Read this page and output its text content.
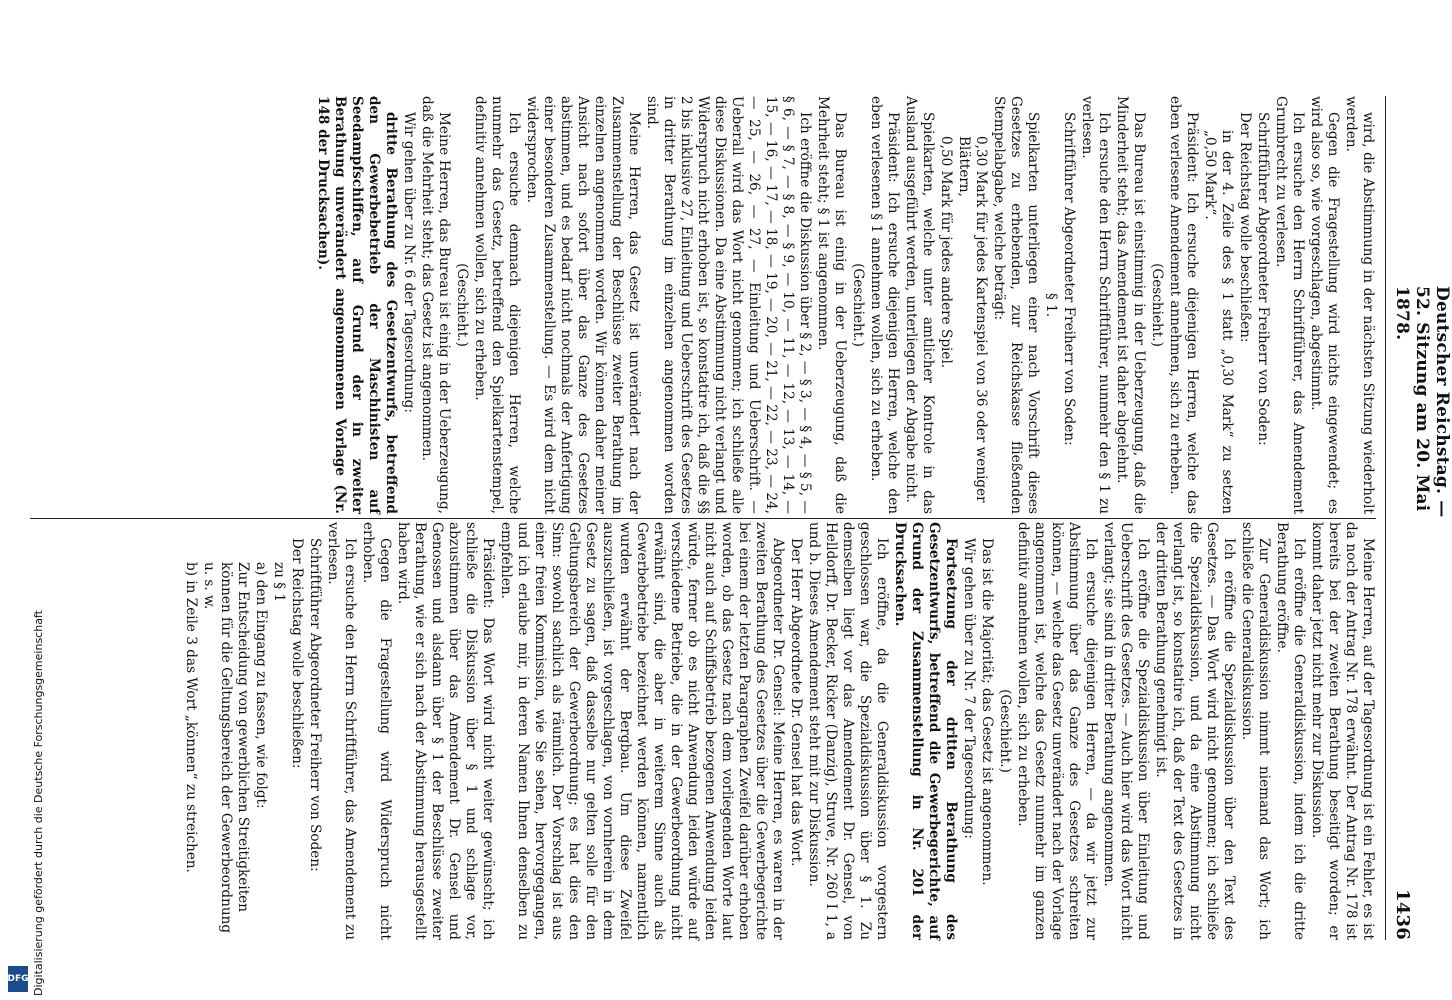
Deutscher Reichstag. — 52. Sitzung am 20. Mai 1878.
1436

wird, die Abstimmung in der nächsten Sitzung wiederholt werden.

Gegen die Fragestellung wird nichts eingewendet; es wird also so, wie vorgeschlagen, abgestimmt.

Ich ersuche den Herrn Schriftführer, das Amendement Grumbrecht zu verlesen.

Schriftführer Abgeordneter Freiherr von Soden:

Der Reichstag wolle beschließen:

in der 4. Zeile des § 1 statt „0,30 Mark“ zu setzen „0,50 Mark“.

Präsident: Ich ersuche diejenigen Herren, welche das eben verlesene Amendement annehmen, sich zu erheben.

(Geschieht.)

Das Bureau ist einstimmig in der Ueberzeugung, daß die Minderheit steht; das Amendement ist daher abgelehnt.

Ich ersuche den Herrn Schriftführer, nunmehr den § 1 zu verlesen.

Schriftführer Abgeordneter Freiherr von Soden:

§ 1.

Spielkarten unterliegen einer nach Vorschrift dieses Gesetzes zu erhebenden, zur Reichskasse fließenden Stempelabgabe, welche beträgt:

0,30 Mark für jedes Kartenspiel von 36 oder weniger Blättern,

0,50 Mark für jedes andere Spiel.

Spielkarten, welche unter amtlicher Kontrole in das Ausland ausgeführt werden, unterliegen der Abgabe nicht.

Präsident: Ich ersuche diejenigen Herren, welche den eben verlesenen § 1 annehmen wollen, sich zu erheben.

(Geschieht.)

Das Bureau ist einig in der Ueberzeugung, daß die Mehrheit steht; § 1 ist angenommen.

Ich eröffne die Diskussion über § 2, — § 3, — § 4, — § 5, — § 6, — § 7, — § 8, — § 9, — 10, — 11, — 12, — 13, — 14, — 15, — 16, — 17, — 18, — 19, — 20, — 21, — 22, — 23, — 24, — 25, — 26, — 27, — Einleitung und Ueberschrift. — Ueberall wird das Wort nicht genommen; ich schließe alle diese Diskussionen. Da eine Abstimmung nicht verlangt und Widerspruch nicht erhoben ist, so konstatire ich, daß die §§ 2 bis inklusive 27, Einleitung und Ueberschrift des Gesetzes in dritter Berathung im einzelnen angenommen worden sind.

Meine Herren, das Gesetz ist unverändert nach der Zusammenstellung der Beschlüsse zweiter Berathung im einzelnen angenommen worden. Wir können daher meiner Ansicht nach sofort über das Ganze des Gesetzes abstimmen, und es bedarf nicht nochmals der Anfertigung einer besonderen Zusammenstellung. — Es wird dem nicht widersprochen.

Ich ersuche demnach diejenigen Herren, welche nunmehr das Gesetz, betreffend den Spielkartenstempel, definitiv annehmen wollen, sich zu erheben.

(Geschieht.)

Meine Herren, das Bureau ist einig in der Ueberzeugung, daß die Mehrheit steht; das Gesetz ist angenommen.

Wir gehen über zu Nr. 6 der Tagesordnung:

dritte Berathung des Gesetzentwurfs, betreffend den Gewerbebetrieb der Maschinisten auf Seedampfschiffen, auf Grund der in zweiter Berathung unverändert angenommenen Vorlage (Nr. 148 der Drucksachen).

Meine Herren, auf der Tagesordnung ist ein Fehler, es ist da noch der Antrag Nr. 178 erwähnt. Der Antrag Nr. 178 ist bereits bei der zweiten Berathung beseitigt worden; er kommt daher jetzt nicht mehr zur Diskussion.

Ich eröffne die Generaldiskussion, indem ich die dritte Berathung eröffne.

Zur Generaldiskussion nimmt niemand das Wort; ich schließe die Generaldiskussion.

Ich eröffne die Spezialdiskussion über den Text des Gesetzes. — Das Wort wird nicht genommen; ich schließe die Spezialdiskussion, und da eine Abstimmung nicht verlangt ist, so konstatire ich, daß der Text des Gesetzes in der dritten Berathung genehmigt ist.

Ich eröffne die Spezialdiskussion über Einleitung und Ueberschrift des Gesetzes. — Auch hier wird das Wort nicht verlangt; sie sind in dritter Berathung angenommen.

Ich ersuche diejenigen Herren, — da wir jetzt zur Abstimmung über das Ganze des Gesetzes schreiten können, — welche das Gesetz unverändert nach der Vorlage angenommen ist, welche das Gesetz nunmehr im ganzen definitiv annehmen wollen, sich zu erheben.

(Geschieht.)

Das ist die Majorität; das Gesetz ist angenommen.

Wir gehen über zu Nr. 7 der Tagesordnung:

Fortsetzung der dritten Berathung des Gesetzentwurfs, betreffend die Gewerbegerichte, auf Grund der Zusammenstellung in Nr. 201 der Drucksachen.

Ich eröffne, da die Generaldiskussion vorgestern geschlossen war, die Spezialdiskussion über § 1. Zu demselben liegt vor das Amendement Dr. Gensel, von Helldorff, Dr. Becker, Ricker (Danzig), Struve, Nr. 260 I 1, a und b. Dieses Amendement steht mit zur Diskussion.

Der Herr Abgeordnete Dr. Gensel hat das Wort.

Abgeordneter Dr. Gensel: Meine Herren, es waren in der zweiten Berathung des Gesetzes über die Gewerbegerichte bei einem der letzten Paragraphen Zweifel darüber erhoben worden, ob das Gesetz nach dem vorliegenden Worte laut nicht auch auf Schiffsbetrieb bezogenen Anwendung leiden würde, ferner ob es nicht Anwendung leiden würde auf verschiedene Betriebe, die in der Gewerbeordnung nicht erwähnt sind, die aber in weiterem Sinne auch als Gewerbebetriebe bezeichnet werden können, namentlich wurden erwähnt der Bergbau. Um diese Zweifel auszuschließen, ist vorgeschlagen, von vornherein in dem Gesetz zu sagen, daß dasselbe nur gelten solle für den Geltungsbereich der Gewerbeordnung; es hat dies den Sinn: sowohl sachlich als räumlich. Der Vorschlag ist aus einer freien Kommission, wie Sie sehen, hervorgegangen, und ich erlaube mir, in deren Namen Ihnen denselben zu empfehlen.

Präsident: Das Wort wird nicht weiter gewünscht; ich schließe die Diskussion über § 1 und schlage vor, abzustimmen über das Amendement Dr. Gensel und Genossen und alsdann über § 1 der Beschlüsse zweiter Berathung, wie er sich nach der Abstimmung herausgestellt haben wird.

Gegen die Fragestellung wird Widerspruch nicht erhoben.

Ich ersuche den Herrn Schriftführer, das Amendement zu verlesen.

Schriftführer Abgeordneter Freiherr von Soden:

Der Reichstag wolle beschließen:

zu § 1

a) den Eingang zu fassen, wie folgt:

Zur Entscheidung von gewerblichen Streitigkeiten können für die Geltungsbereich der Gewerbeordnung u. s. w.

b) in Zeile 3 das Wort „können“ zu streichen.

Digitalisierung gefördert durch die Deutsche Forschungsgemeinschaft
DFG
